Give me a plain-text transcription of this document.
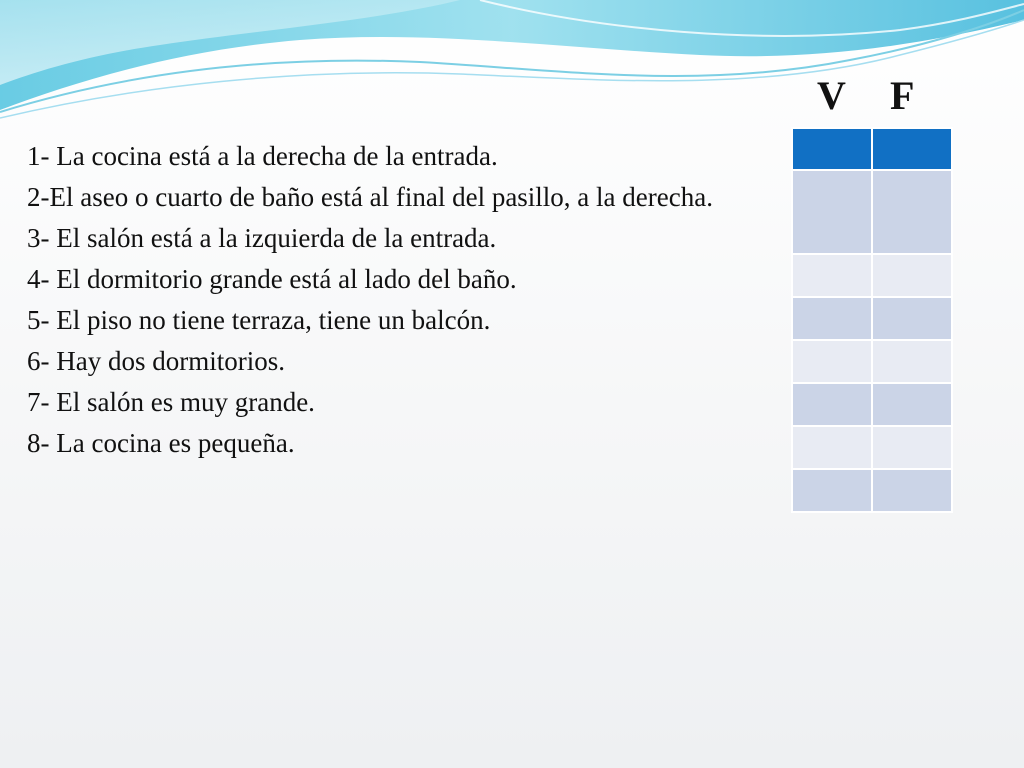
V F

1- La cocina está a la derecha de la entrada.

2-El aseo o cuarto de baño está al final del pasillo, a la derecha.

3- El salón está a la izquierda de la entrada.

4- El dormitorio grande está al lado del baño.

5- El piso no tiene terraza, tiene un balcón.

6- Hay dos dormitorios.

7- El salón es muy grande.

8- La cocina es pequeña.
